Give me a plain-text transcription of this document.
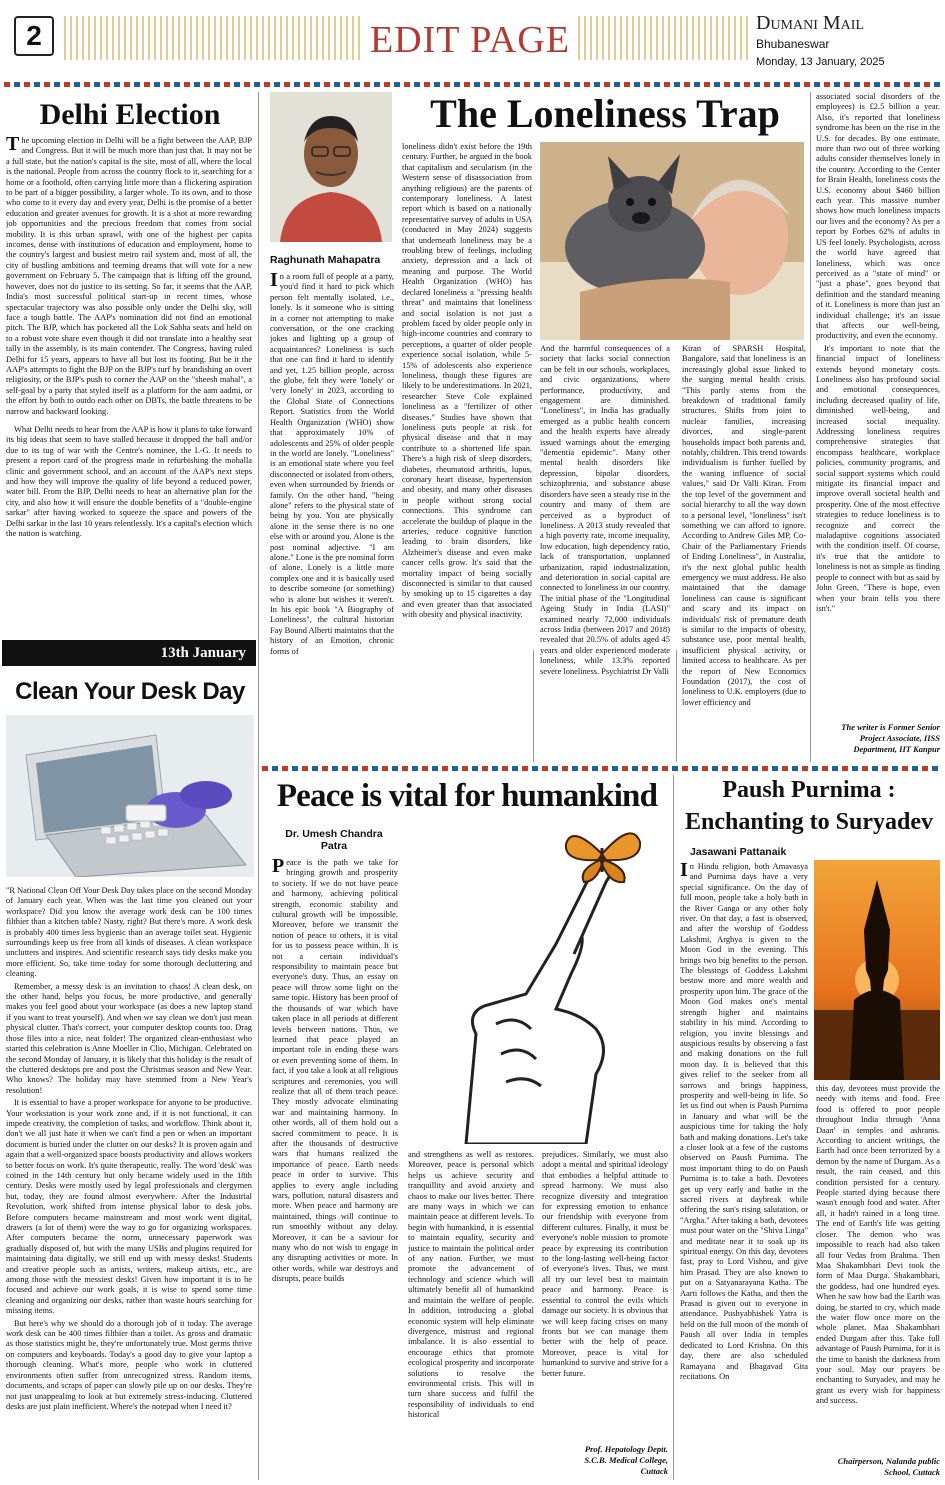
2	EDIT PAGE	Dumani Mail
Bhubaneswar
Monday, 13 January, 2025
Delhi Election

The upcoming election in Delhi will be a fight between the AAP, BJP and Congress. But it will be much more than just that. It may not be a full state, but the nation's capital is the site, most of all, where the local is the national. People from across the country flock to it, searching for a home or a foothold, often carrying little more than a flickering aspiration to be part of a bigger possibility, a larger whole. To its own, and to those who come to it every day and every year, Delhi is the promise of a better education and greater avenues for growth. It is a shot at more rewarding job opportunities and the precious freedom that comes from social mobility. It is this urban sprawl, with one of the highest per capita incomes, dense with institutions of education and employment, home to the country's largest and busiest metro rail system and, most of all, the city of bustling ambitions and teeming dreams that will vote for a new government on February 5. The campaign that is lifting off the ground, however, does not do justice to its setting. So far, it seems that the AAP, India's most successful political start-up in recent times, whose spectacular trajectory was also possible only under the Delhi sky, will face a tough battle. The AAP's nomination did not find an emotional pitch. The BJP, which has pocketed all the Lok Sabha seats and held on to a robust vote share even though it did not translate into a healthy seat tally in the assembly, is its main contender. The Congress, having ruled Delhi for 15 years, appears to have all but lost its footing. But be it the AAP's attempts to fight the BJP on the BJP's turf by brandishing an overt religiosity, or the BJP's push to corner the AAP on the "sheesh mahal", a self-goal by a party that styled itself as a platform for the aam aadmi, or the effort by both to outdo each other on DBTs, the battle threatens to be narrow and backward looking.

What Delhi needs to hear from the AAP is how it plans to take forward its big ideas that seem to have stalled because it dropped the ball and/or due to its tug of war with the Centre's nominee, the L-G. It needs to present a report card of the progress made in refurbishing the mohalla clinic and government school, and an account of the AAP's next steps and how they will improve the quality of life beyond a reduced power, water bill. From the BJP, Delhi needs to hear an alternative plan for the city, and also how it will ensure the double benefits of a "double-engine sarkar" after having worked to squeeze the space and powers of the Delhi sarkar in the last 10 years relentlessly. It's a capital's election which the nation is watching.

13th January
Clean Your Desk Day

"R National Clean Off Your Desk Day takes place on the second Monday of January each year. When was the last time you cleaned out your workspace? Did you know the average work desk can be 100 times filthier than a kitchen table? Nasty, right? But there's more. A work desk is probably 400 times less hygienic than an average toilet seat. Hygienic surroundings keep us free from all kinds of diseases. A clean workspace unclutters and inspires. And scientific research says tidy desks make you more efficient. So, take time today for some thorough decluttering and cleaning.

Remember, a messy desk is an invitation to chaos! A clean desk, on the other hand, helps you focus, be more productive, and generally makes you feel good about your workspace (as does a new laptop stand if you want to treat yourself). And when we say clean we don't just mean physical clutter. That's correct, your computer desktop counts too. Drag those files into a nice, neat folder! The organized clean-enthusiast who started this celebration is Anne Moeller in Clio, Michigan. Celebrated on the second Monday of January, it is likely that this holiday is the result of the cluttered desktops pre and post the Christmas season and New Year. Who knows? The holiday may have stemmed from a New Year's resolution!

It is essential to have a proper workspace for anyone to be productive. Your workstation is your work zone and, if it is not functional, it can impede creativity, the completion of tasks, and workflow. Think about it, don't we all just hate it when we can't find a pen or when an important document is buried under the clutter on our desks? It is proven again and again that a well-organized space boosts productivity and allows workers to better focus on work. It's quite therapeutic, really. The word 'desk' was coined in the 14th century but only became widely used in the 18th century. Desks were mostly used by legal professionals and clergymen but, today, they are found almost everywhere. After the Industrial Revolution, work shifted from intense physical labor to desk jobs. Before computers became mainstream and most work went digital, drawers (a lot of them) were the way to go for organizing workspaces. After computers became the norm, unnecessary paperwork was gradually disposed of, but with the many USBs and plugins required for maintaining data digitally, we still end up with messy desks! Students and creative people such as artists, writers, makeup artists, etc., are among those with the messiest desks! Given how important it is to be focused and achieve our work goals, it is wise to spend some time cleaning and organizing our desks, rather than waste hours searching for missing items.

But here's why we should do a thorough job of it today. The average work desk can be 400 times filthier than a toilet. As gross and dramatic as those statistics might be, they're unfortunately true. Most germs thrive on computers and keyboards. Today's a good day to give your laptop a thorough cleaning. What's more, people who work in cluttered environments often suffer from unrecognized stress. Random items, documents, and scraps of paper can slowly pile up on our desks. They're not just unappealing to look at but extremely stress-inducing. Cluttered desks are just plain inefficient. Where's the notepad when I need it?

Raghunath Mahapatra
The Loneliness Trap

In a room full of people at a party, you'd find it hard to pick which person felt mentally isolated, i.e., lonely. Is it someone who is sitting in a corner not attempting to make conversation, or the one cracking jokes and lighting up a group of acquaintances? Loneliness is such that one can find it hard to identify and yet, 1.25 billion people, across the globe, felt they were 'lonely' or 'very lonely' in 2023, according to the Global State of Connections Report. Statistics from the World Health Organization (WHO) show that approximately 10% of adolescents and 25% of older people in the world are lonely. "Loneliness" is an emotional state where you feel disconnected or isolated from others, even when surrounded by friends or family. On the other hand, "being alone" refers to the physical state of being by you. You are physically alone in the sense there is no one else with or around you. Alone is the post nominal adjective. "I am alone." Lone is the pre nominal form of alone. Lonely is a little more complex one and it is basically used to describe someone (or something) who is alone but wishes it weren't. In his epic book "A Biography of Loneliness", the cultural historian Fay Bound Alberti maintains that the history of an Emotion, chronic forms of

loneliness didn't exist before the 19th century. Further, he argued in the book that capitalism and secularism (in the Western sense of disassociation from anything religious) are the parents of contemporary loneliness. A latest report which is based on a nationally representative survey of adults in USA (conducted in May 2024) suggests that underneath loneliness may be a troubling brew of feelings, including anxiety, depression and a lack of meaning and purpose. The World Health Organization (WHO) has declared loneliness a "pressing health threat" and maintains that loneliness and social isolation is not just a problem faced by older people only in high-income countries and contrary to perceptions, a quarter of older people experience social isolation, while 5-15% of adolescents also experience loneliness, though these figures are likely to be underestimations. In 2021, researcher Steve Cole explained loneliness as a "fertilizer of other diseases." Studies have shown that loneliness puts people at risk for physical disease and that it may contribute to a shortened life span. There's a high risk of sleep disorders, diabetes, rheumatoid arthritis, lupus, coronary heart disease, hypertension and obesity, and many other diseases in people without strong social connections. This syndrome can accelerate the buildup of plaque in the arteries, reduce cognitive function leading to brain disorders, like Alzheimer's disease and even make cancer cells grow. It's said that the mortality impact of being socially disconnected is similar to that caused by smoking up to 15 cigarettes a day and even greater than that associated with obesity and physical inactivity.

And the harmful consequences of a society that lacks social connection can be felt in our schools, workplaces, and civic organizations, where performance, productivity, and engagement are diminished. "Loneliness", in India has gradually emerged as a public health concern and the health experts have already issued warnings about the emerging "dementia epidemic". Many other mental health disorders like depression, bipolar disorders, schizophrenia, and substance abuse disorders have seen a steady rise in the country and many of them are perceived as a byproduct of loneliness. A 2013 study revealed that a high poverty rate, income inequality, low education, high dependency ratio, lack of transportation, unplanned urbanization, rapid industrialization, and deterioration in social capital are connected to loneliness in our country. The initial phase of the "Longitudinal Ageing Study in India (LASI)" examined nearly 72,000 individuals across India (between 2017 and 2018) revealed that 20.5% of adults aged 45 years and older experienced moderate loneliness, while 13.3% reported severe loneliness. Psychiatrist Dr Valli

Kiran of SPARSH Hospital, Bangalore, said that loneliness is an increasingly global issue linked to the surging mental health crisis. "This partly stems from the breakdown of traditional family structures. Shifts from joint to nuclear families, increasing divorces, and single-parent households impact both parents and, notably, children. This trend towards individualism is further fuelled by the waning influence of social values," said Dr Valli Kiran. From the top level of the government and social hierarchy to all the way down to a personal level, "loneliness" isn't something we can afford to ignore. According to Andrew Giles MP, Co-Chair of the Parliamentary Friends of Ending Loneliness", in Australia, it's the next global public health emergency we must address. He also maintained that the damage loneliness can cause is significant and scary and its impact on individuals' risk of premature death is similar to the impacts of obesity, substance use, poor mental health, insufficient physical activity, or limited access to healthcare. As per the report of New Economics Foundation (2017), the cost of loneliness to U.K. employers (due to lower efficiency and

associated social disorders of the employees) is £2.5 billion a year. Also, it's reported that loneliness syndrome has been on the rise in the U.S. for decades. By one estimate, more than two out of three working adults consider themselves lonely in the country. According to the Center for Brain Health, loneliness costs the U.S. economy about $460 billion each year. This massive number shows how much loneliness impacts our lives and the economy? As per a report by Forbes 62% of adults in US feel lonely. Psychologists, across the world have agreed that loneliness, which was once perceived as a "state of mind" or "just a phase", goes beyond that definition and the standard meaning of it. Loneliness is more than just an individual challenge; it's an issue that affects our well-being, productivity, and even the economy.

It's important to note that the financial impact of loneliness extends beyond monetary costs. Loneliness also has profound social and emotional consequences, including decreased quality of life, diminished well-being, and increased social inequality. Addressing loneliness requires comprehensive strategies that encompass healthcare, workplace policies, community programs, and social support systems which could mitigate its financial impact and improve overall societal health and prosperity. One of the most effective strategies to reduce loneliness is to recognize and correct the maladaptive cognitions associated with the condition itself. Of course, it's true that the antidote to loneliness is not as simple as finding people to connect with but as said by John Green, "There is hope, even when your brain tells you there isn't."

The writer is Former Senior
Project Associate, IISS
Department, IIT Kanpur
Peace is vital for humankind
Dr. Umesh Chandra
Patra

Peace is the path we take for bringing growth and prosperity to society. If we do not have peace and harmony, achieving political strength, economic stability and cultural growth will be impossible. Moreover, before we transmit the notion of peace to others, it is vital for us to possess peace within. It is not a certain individual's responsibility to maintain peace but everyone's duty. Thus, an essay on peace will throw some light on the same topic. History has been proof of the thousands of war which have taken place in all periods at different levels between nations. Thus, we learned that peace played an important role in ending these wars or even preventing some of them. In fact, if you take a look at all religious scriptures and ceremonies, you will realize that all of them teach peace. They mostly advocate eliminating war and maintaining harmony. In other words, all of them hold out a sacred commitment to peace. It is after the thousands of destructive wars that humans realized the importance of peace. Earth needs peace in order to survive. This applies to every angle including wars, pollution, natural disasters and more. When peace and harmony are maintained, things will continue to run smoothly without any delay. Moreover, it can be a saviour for many who do not wish to engage in any disrupting activities or more. In other words, while war destroys and disrupts, peace builds

and strengthens as well as restores. Moreover, peace is personal which helps us achieve security and tranquillity and avoid anxiety and chaos to make our lives better. There are many ways in which we can maintain peace at different levels. To begin with humankind, it is essential to maintain equality, security and justice to maintain the political order of any nation. Further, we must promote the advancement of technology and science which will ultimately benefit all of humankind and maintain the welfare of people. In addition, introducing a global economic system will help eliminate divergence, mistrust and regional imbalance. It is also essential to encourage ethics that promote ecological prosperity and incorporate solutions to resolve the environmental crisis. This will in turn share success and fulfil the responsibility of individuals to end historical

prejudices. Similarly, we must also adopt a mental and spiritual ideology that embodies a helpful attitude to spread harmony. We must also recognize diversity and integration for expressing emotion to enhance our friendship with everyone from different cultures. Finally, it must be everyone's noble mission to promote peace by expressing its contribution to the long-lasting well-being factor of everyone's lives. Thus, we must all try our level best to maintain peace and harmony. Peace is essential to control the evils which damage our society. It is obvious that we will keep facing crises on many fronts but we can manage them better with the help of peace. Moreover, peace is vital for humankind to survive and strive for a better future.

Prof. Hepatology Deptt.
S.C.B. Medical College,
Cuttack
Paush Purnima :
Enchanting to Suryadev
Jasawani Pattanaik

In Hindu religion, both Amavasya and Purnima days have a very special significance. On the day of full moon, people take a holy bath in the River Ganga or any other holy river. On that day, a fast is observed, and after the worship of Goddess Lakshmi, Arghya is given to the Moon God in the evening. This brings two big benefits to the person. The blessings of Goddess Lakshmi bestow more and more wealth and prosperity upon him. The grace of the Moon God makes one's mental strength higher and maintains stability in his mind. According to religion, you invite blessings and auspicious results by observing a fast and making donations on the full moon day. It is believed that this gives relief to the seeker from all sorrows and brings happiness, prosperity and well-being in life. So let us find out when is Paush Purnima in January and what will be the auspicious time for taking the holy bath and making donations. Let's take a closer look at a few of the customs observed on Paush Purnima. The most important thing to do on Paush Purnima is to take a bath. Devotees get up very early and bathe in the sacred rivers at daybreak while offering the sun's rising salutation, or "Argha." After taking a bath, devotees must pour water on the "Shiva Linga" and meditate near it to soak up its spiritual energy. On this day, devotees fast, pray to Lord Vishnu, and give him Prasad. They are also known to put on a Satyanarayana Katha. The Aarti follows the Katha, and then the Prasad is given out to everyone in attendance. Pushyabhishek Yatra is held on the full moon of the month of Paush all over India in temples dedicated to Lord Krishna. On this day, there are also scheduled Ramayana and Bhagavad Gita recitations. On

this day, devotees must provide the needy with items and food. Free food is offered to poor people throughout India through 'Anna Daan' in temples and ashrams. According to ancient writings, the Earth had once been terrorized by a demon by the name of Durgam. As a result, the rain ceased, and this condition persisted for a century. People started dying because there wasn't enough food and water. After all, it hadn't rained in a long time. The end of Earth's life was getting closer. The demon who was impossible to reach had also taken all four Vedas from Brahma. Then Maa Shakambhari Devi took the form of Maa Durga. Shakambhari, the goddess, had one hundred eyes. When he saw how bad the Earth was doing, he started to cry, which made the water flow once more on the whole planet. Maa Shakambhari ended Durgam after this. Take full advantage of Paush Purnima, for it is the time to banish the darkness from your soul. May our prayers be enchanting to Suryadev, and may he grant us every wish for happiness and success.

Chairperson, Nalanda public
School, Cuttack
